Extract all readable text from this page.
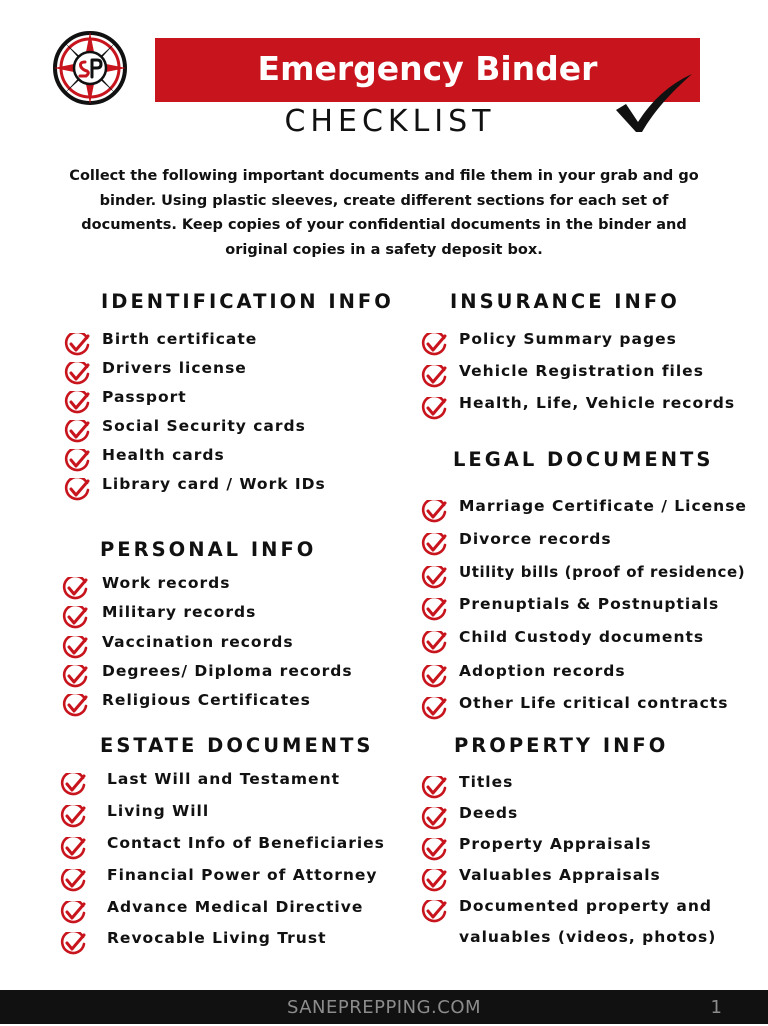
Emergency Binder
CHECKLIST

Collect the following important documents and file them in your grab and go binder. Using plastic sleeves, create different sections for each set of documents. Keep copies of your confidential documents in the binder and original copies in a safety deposit box.

IDENTIFICATION INFO
Birth certificate
Drivers license
Passport
Social Security cards
Health cards
Library card / Work IDs
PERSONAL INFO
Work records
Military records
Vaccination records
Degrees/ Diploma records
Religious Certificates
ESTATE DOCUMENTS
Last Will and Testament
Living Will
Contact Info of Beneficiaries
Financial Power of Attorney
Advance Medical Directive
Revocable Living Trust
INSURANCE INFO
Policy Summary pages
Vehicle Registration files
Health, Life, Vehicle records
LEGAL DOCUMENTS
Marriage Certificate / License
Divorce records
Utility bills (proof of residence)
Prenuptials & Postnuptials
Child Custody documents
Adoption records
Other Life critical contracts
PROPERTY INFO
Titles
Deeds
Property Appraisals
Valuables Appraisals
Documented property and
valuables (videos, photos)
SANEPREPPING.COM	1
